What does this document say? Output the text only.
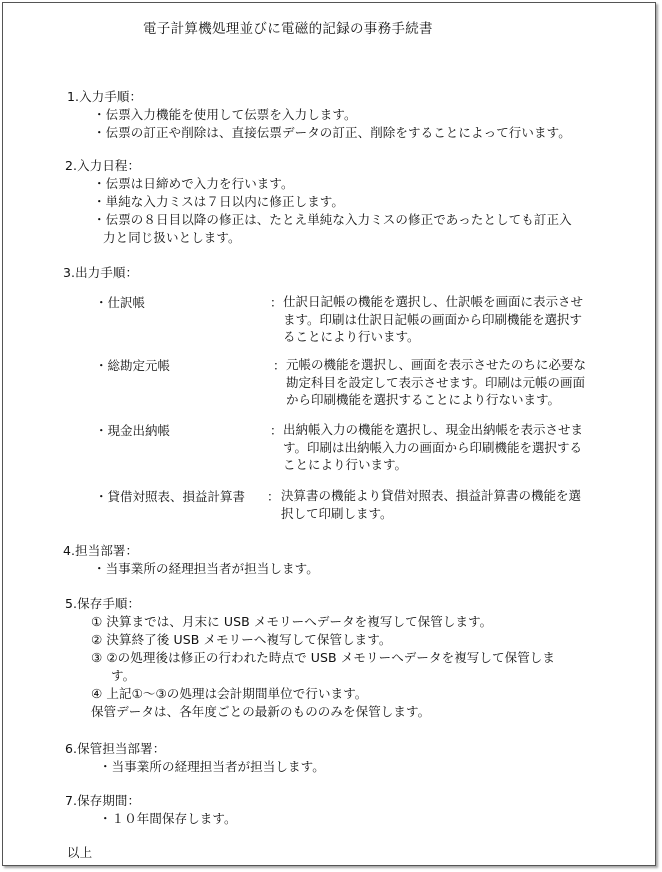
電子計算機処理並びに電磁的記録の事務手続書
1.入力手順：
・伝票入力機能を使用して伝票を入力します。
・伝票の訂正や削除は、直接伝票データの訂正、削除をすることによって行います。
2.入力日程：
・伝票は日締めで入力を行います。
・単純な入力ミスは７日以内に修正します。
・伝票の８日目以降の修正は、たとえ単純な入力ミスの修正であったとしても訂正入
力と同じ扱いとします。
3.出力手順：
・仕訳帳	： 仕訳日記帳の機能を選択し、仕訳帳を画面に表示させ
ます。印刷は仕訳日記帳の画面から印刷機能を選択す
ることにより行います。
・総勘定元帳	： 元帳の機能を選択し、画面を表示させたのちに必要な
勘定科目を設定して表示させます。印刷は元帳の画面
から印刷機能を選択することにより行ないます。
・現金出納帳	： 出納帳入力の機能を選択し、現金出納帳を表示させま
す。印刷は出納帳入力の画面から印刷機能を選択する
ことにより行います。
・貸借対照表、損益計算書 ： 決算書の機能より貸借対照表、損益計算書の機能を選
択して印刷します。
4.担当部署：
・当事業所の経理担当者が担当します。
5.保存手順：
① 決算までは、月末に USB メモリーへデータを複写して保管します。
② 決算終了後 USB メモリーへ複写して保管します。
③ ②の処理後は修正の行われた時点で USB メモリーへデータを複写して保管しま
す。
④ 上記①～③の処理は会計期間単位で行います。
保管データは、各年度ごとの最新のもののみを保管します。
6.保管担当部署：
・当事業所の経理担当者が担当します。
7.保存期間：
・１０年間保存します。
以上
